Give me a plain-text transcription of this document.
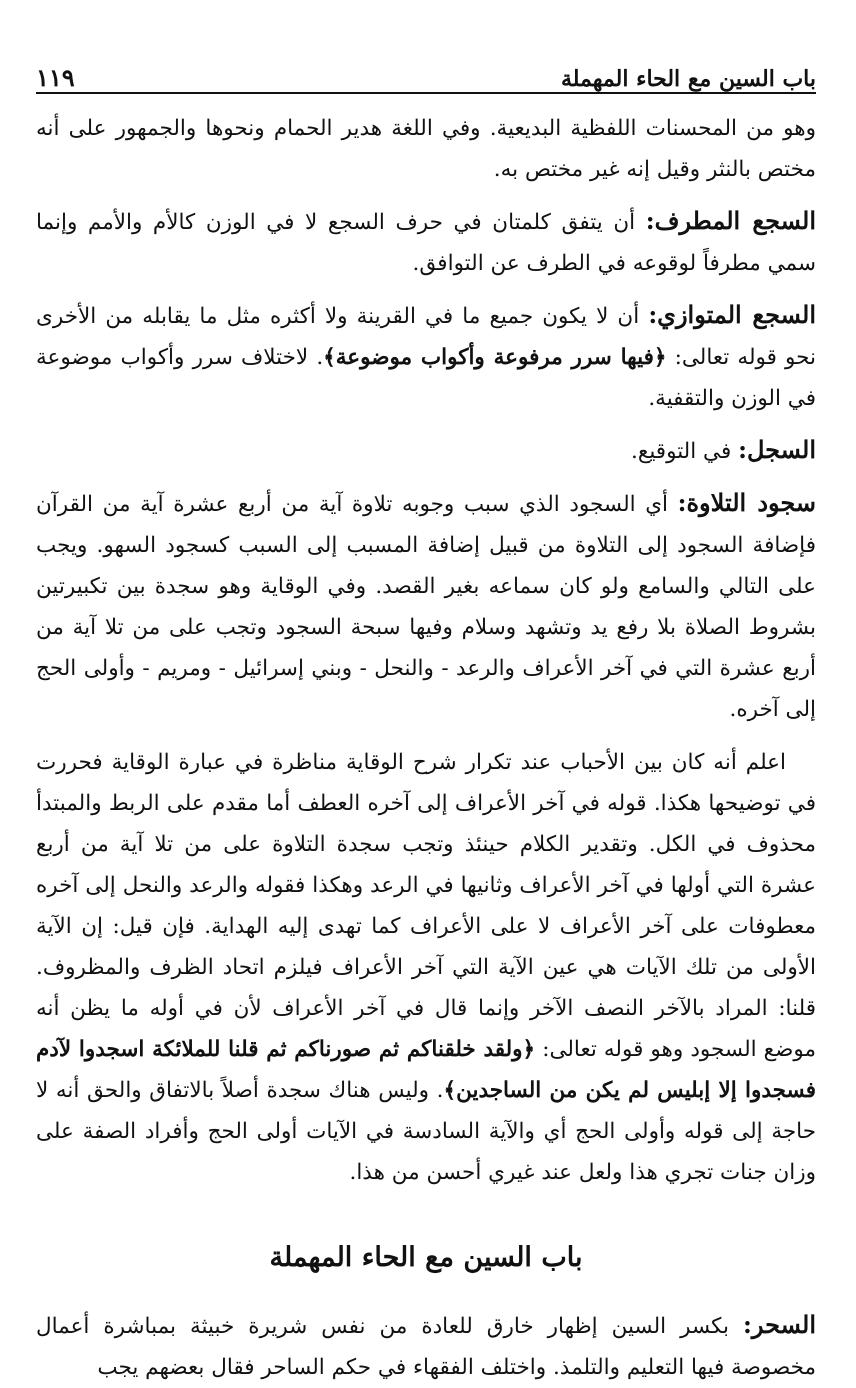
باب السين مع الحاء المهملة
١١٩

وهو من المحسنات اللفظية البديعية. وفي اللغة هدير الحمام ونحوها والجمهور على أنه مختص بالنثر وقيل إنه غير مختص به.

السجع المطرف: أن يتفق كلمتان في حرف السجع لا في الوزن كالأم والأمم وإنما سمي مطرفاً لوقوعه في الطرف عن التوافق.

السجع المتوازي: أن لا يكون جميع ما في القرينة ولا أكثره مثل ما يقابله من الأخرى نحو قوله تعالى: ﴿فيها سرر مرفوعة وأكواب موضوعة﴾. لاختلاف سرر وأكواب موضوعة في الوزن والتقفية.

السجل: في التوقيع.

سجود التلاوة: أي السجود الذي سبب وجوبه تلاوة آية من أربع عشرة آية من القرآن فإضافة السجود إلى التلاوة من قبيل إضافة المسبب إلى السبب كسجود السهو. ويجب على التالي والسامع ولو كان سماعه بغير القصد. وفي الوقاية وهو سجدة بين تكبيرتين بشروط الصلاة بلا رفع يد وتشهد وسلام وفيها سبحة السجود وتجب على من تلا آية من أربع عشرة التي في آخر الأعراف والرعد - والنحل - وبني إسرائيل - ومريم - وأولى الحج إلى آخره.

اعلم أنه كان بين الأحباب عند تكرار شرح الوقاية مناظرة في عبارة الوقاية فحررت في توضيحها هكذا. قوله في آخر الأعراف إلى آخره العطف أما مقدم على الربط والمبتدأ محذوف في الكل. وتقدير الكلام حينئذ وتجب سجدة التلاوة على من تلا آية من أربع عشرة التي أولها في آخر الأعراف وثانيها في الرعد وهكذا فقوله والرعد والنحل إلى آخره معطوفات على آخر الأعراف لا على الأعراف كما تهدى إليه الهداية. فإن قيل: إن الآية الأولى من تلك الآيات هي عين الآية التي آخر الأعراف فيلزم اتحاد الظرف والمظروف. قلنا: المراد بالآخر النصف الآخر وإنما قال في آخر الأعراف لأن في أوله ما يظن أنه موضع السجود وهو قوله تعالى: ﴿ولقد خلقناكم ثم صورناكم ثم قلنا للملائكة اسجدوا لآدم فسجدوا إلا إبليس لم يكن من الساجدين﴾. وليس هناك سجدة أصلاً بالاتفاق والحق أنه لا حاجة إلى قوله وأولى الحج أي والآية السادسة في الآيات أولى الحج وأفراد الصفة على وزان جنات تجري هذا ولعل عند غيري أحسن من هذا.

باب السين مع الحاء المهملة

السحر: بكسر السين إظهار خارق للعادة من نفس شريرة خبيثة بمباشرة أعمال مخصوصة فيها التعليم والتلمذ. واختلف الفقهاء في حكم الساحر فقال بعضهم يجب
